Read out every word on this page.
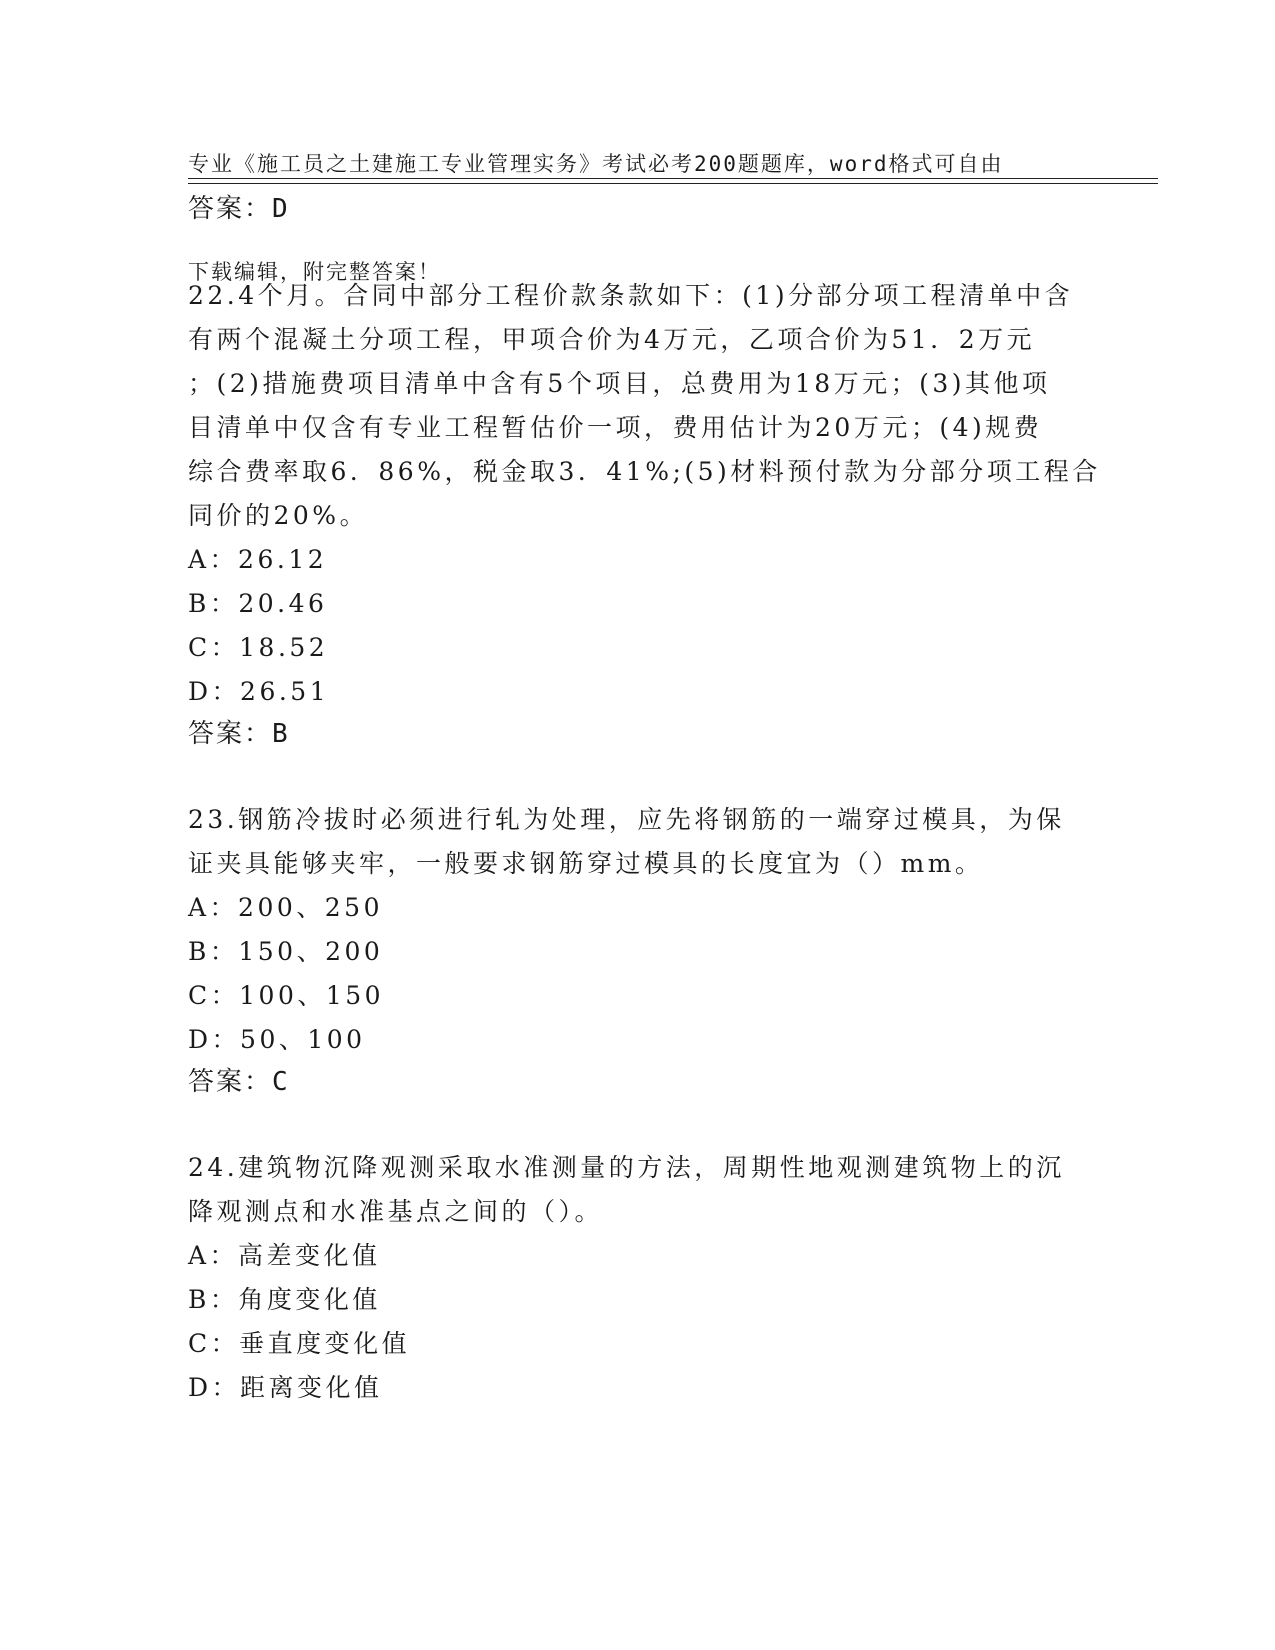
专业《施工员之土建施工专业管理实务》考试必考200题题库，word格式可自由

下载编辑，附完整答案！

答案：D
22.4个月。合同中部分工程价款条款如下：(1)分部分项工程清单中含
有两个混凝土分项工程，甲项合价为4万元，乙项合价为51．2万元
；(2)措施费项目清单中含有5个项目，总费用为18万元；(3)其他项
目清单中仅含有专业工程暂估价一项，费用估计为20万元；(4)规费
综合费率取6．86%，税金取3．41%;(5)材料预付款为分部分项工程合
同价的20%。
A：26.12
B：20.46
C：18.52
D：26.51
答案：B
23.钢筋冷拔时必须进行轧为处理，应先将钢筋的一端穿过模具，为保
证夹具能够夹牢，一般要求钢筋穿过模具的长度宜为（）mm。
A：200、250
B：150、200
C：100、150
D：50、100
答案：C
24.建筑物沉降观测采取水准测量的方法，周期性地观测建筑物上的沉
降观测点和水准基点之间的（）。
A：高差变化值
B：角度变化值
C：垂直度变化值
D：距离变化值
